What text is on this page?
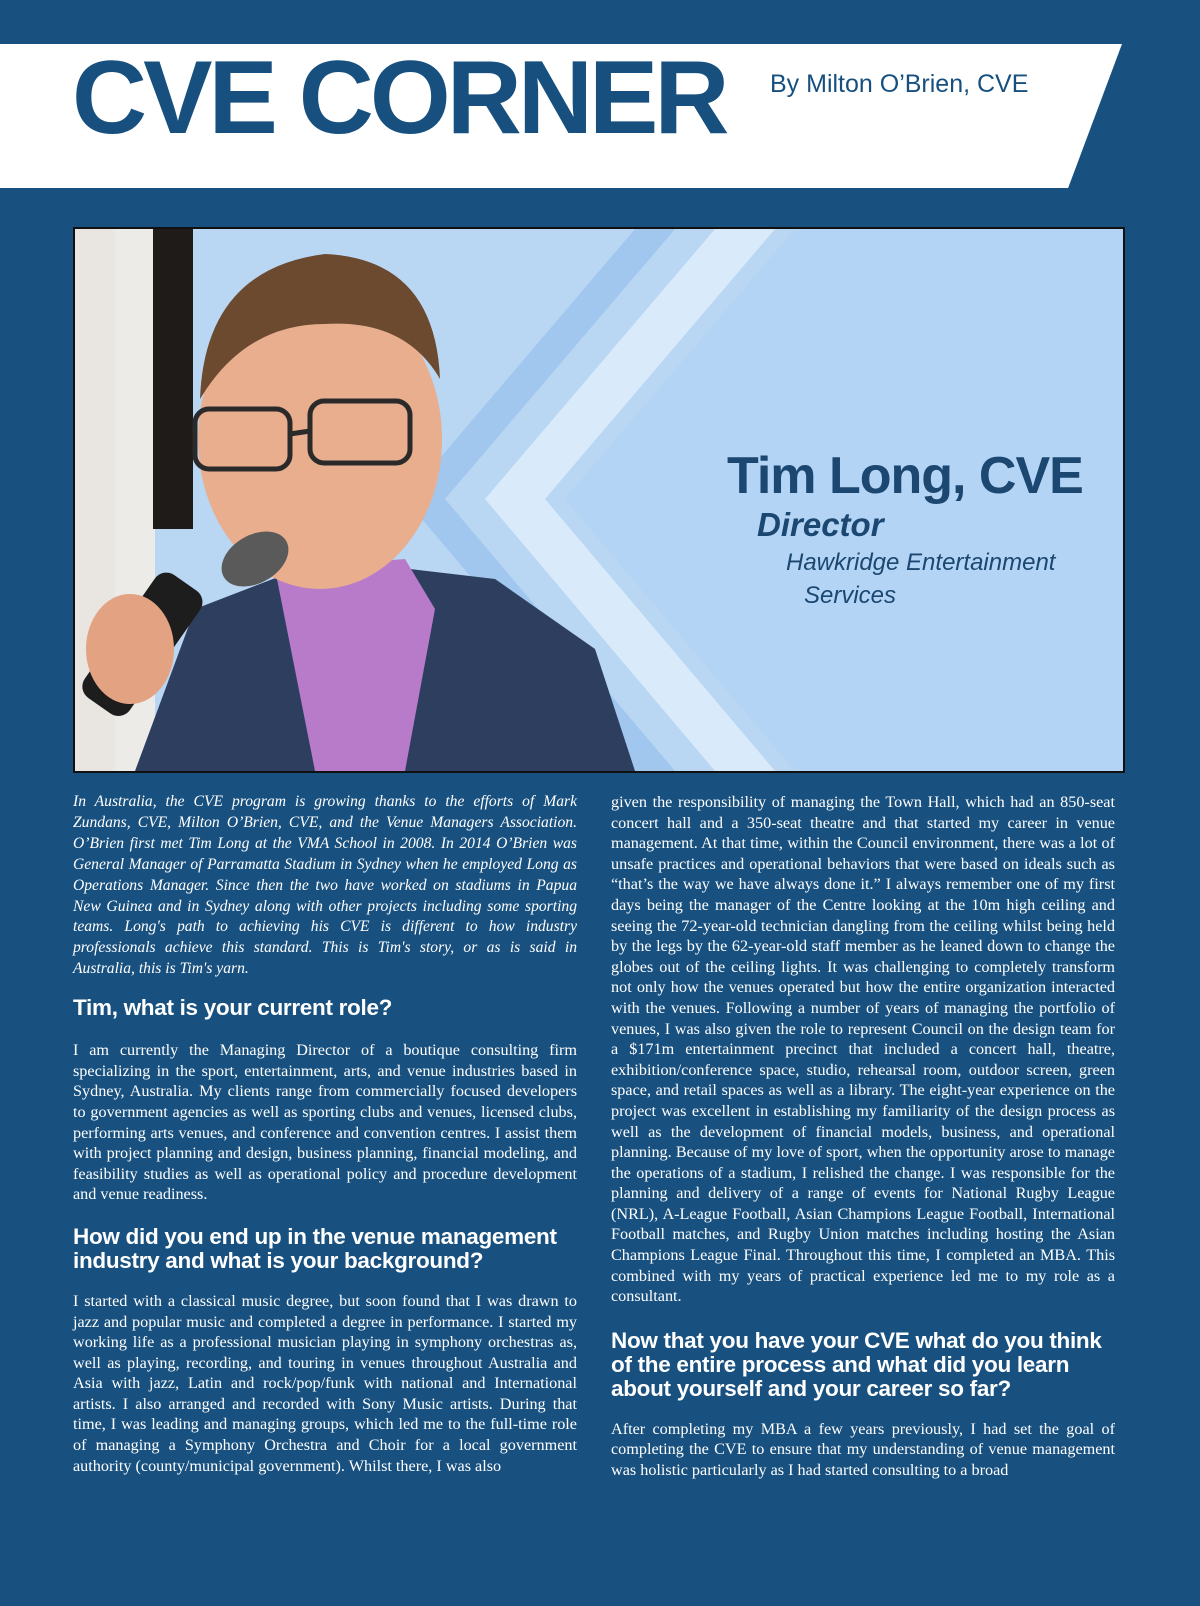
CVE CORNER By Milton O’Brien, CVE
Tim Long, CVE
Director
Hawkridge Entertainment
Services

In Australia, the CVE program is growing thanks to the efforts of Mark Zundans, CVE, Milton O’Brien, CVE, and the Venue Managers Association. O’Brien first met Tim Long at the VMA School in 2008. In 2014 O’Brien was General Manager of Parramatta Stadium in Sydney when he employed Long as Operations Manager. Since then the two have worked on stadiums in Papua New Guinea and in Sydney along with other projects including some sporting teams. Long's path to achieving his CVE is different to how industry professionals achieve this standard. This is Tim's story, or as is said in Australia, this is Tim's yarn.

Tim, what is your current role?

I am currently the Managing Director of a boutique consulting firm specializing in the sport, entertainment, arts, and venue industries based in Sydney, Australia. My clients range from commercially focused developers to government agencies as well as sporting clubs and venues, licensed clubs, performing arts venues, and conference and convention centres. I assist them with project planning and design, business planning, financial modeling, and feasibility studies as well as operational policy and procedure development and venue readiness.

How did you end up in the venue management industry and what is your background?

I started with a classical music degree, but soon found that I was drawn to jazz and popular music and completed a degree in performance. I started my working life as a professional musician playing in symphony orchestras as, well as playing, recording, and touring in venues throughout Australia and Asia with jazz, Latin and rock/pop/funk with national and International artists. I also arranged and recorded with Sony Music artists. During that time, I was leading and managing groups, which led me to the full-time role of managing a Symphony Orchestra and Choir for a local government authority (county/municipal government). Whilst there, I was also

given the responsibility of managing the Town Hall, which had an 850-seat concert hall and a 350-seat theatre and that started my career in venue management. At that time, within the Council environment, there was a lot of unsafe practices and operational behaviors that were based on ideals such as “that’s the way we have always done it.” I always remember one of my first days being the manager of the Centre looking at the 10m high ceiling and seeing the 72-year-old technician dangling from the ceiling whilst being held by the legs by the 62-year-old staff member as he leaned down to change the globes out of the ceiling lights. It was challenging to completely transform not only how the venues operated but how the entire organization interacted with the venues. Following a number of years of managing the portfolio of venues, I was also given the role to represent Council on the design team for a $171m entertainment precinct that included a concert hall, theatre, exhibition/conference space, studio, rehearsal room, outdoor screen, green space, and retail spaces as well as a library. The eight-year experience on the project was excellent in establishing my familiarity of the design process as well as the development of financial models, business, and operational planning. Because of my love of sport, when the opportunity arose to manage the operations of a stadium, I relished the change. I was responsible for the planning and delivery of a range of events for National Rugby League (NRL), A-League Football, Asian Champions League Football, International Football matches, and Rugby Union matches including hosting the Asian Champions League Final. Throughout this time, I completed an MBA. This combined with my years of practical experience led me to my role as a consultant.

Now that you have your CVE what do you think of the entire process and what did you learn about yourself and your career so far?

After completing my MBA a few years previously, I had set the goal of completing the CVE to ensure that my understanding of venue management was holistic particularly as I had started consulting to a broad
